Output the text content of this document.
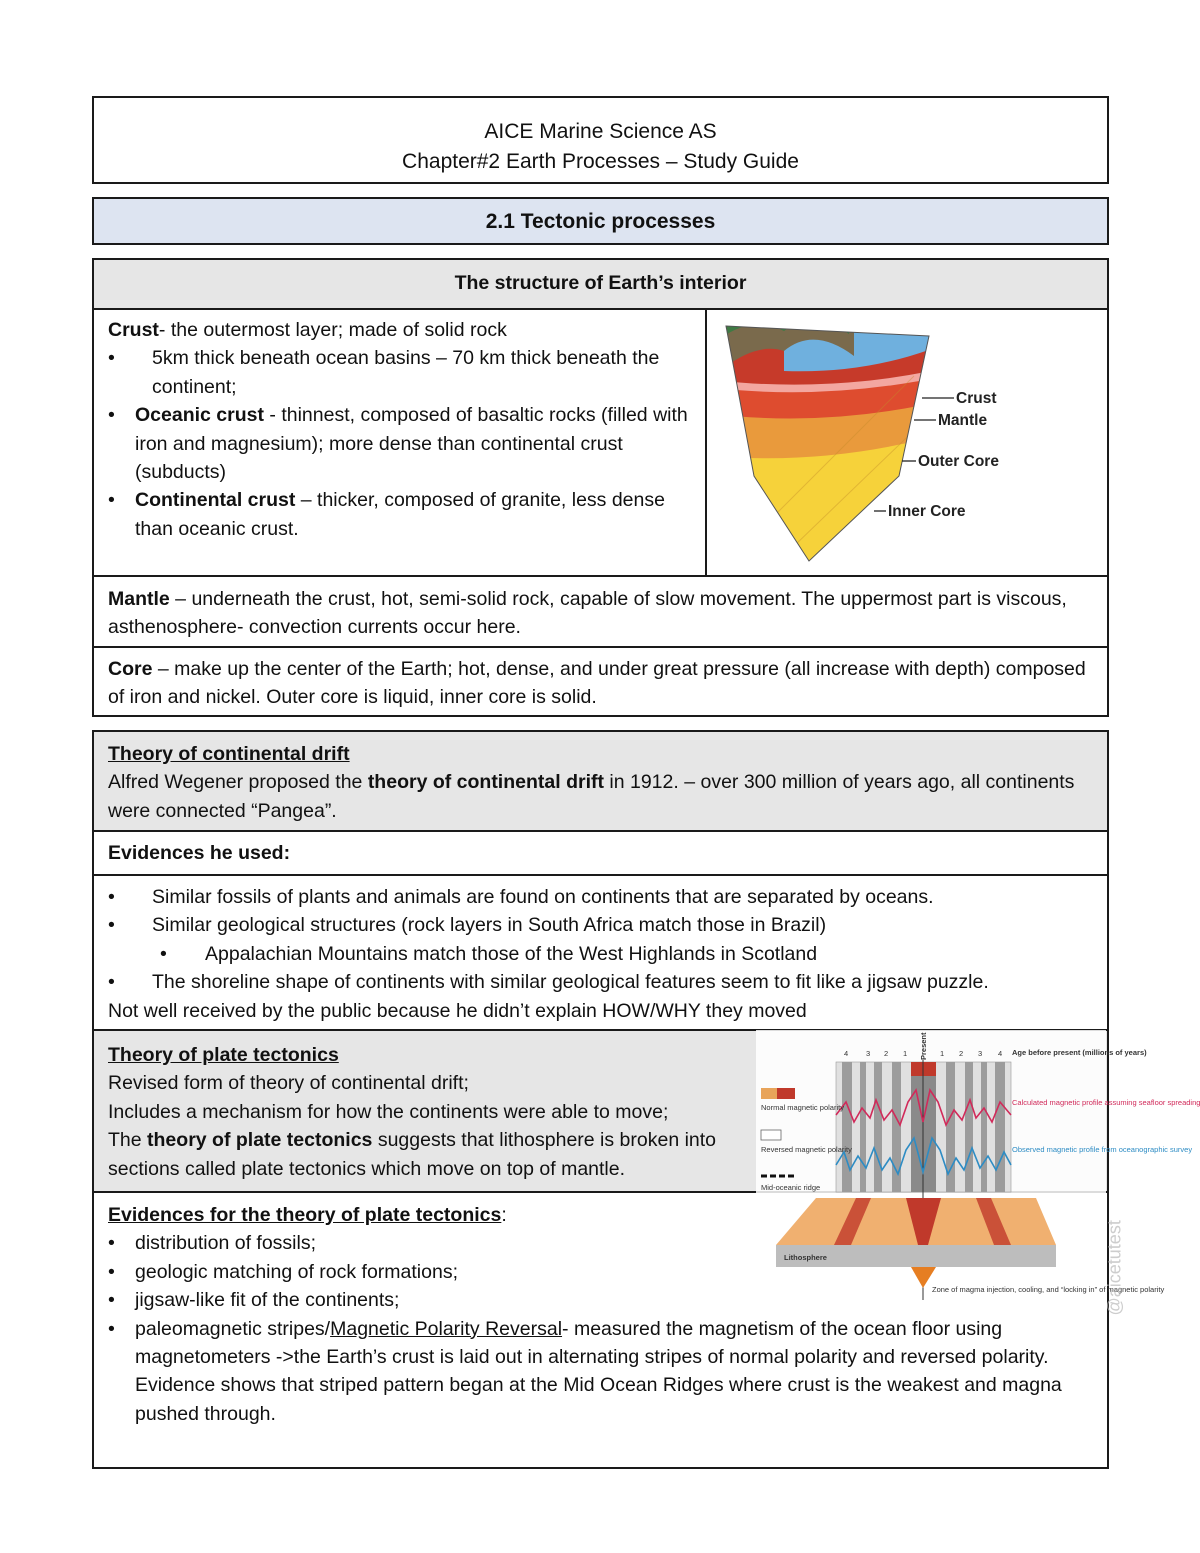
AICE Marine Science AS
Chapter#2 Earth Processes – Study Guide
2.1 Tectonic processes
The structure of Earth’s interior
Crust- the outermost layer; made of solid rock
• 5km thick beneath ocean basins – 70 km thick beneath the continent;
• Oceanic crust - thinnest, composed of basaltic rocks (filled with iron and magnesium); more dense than continental crust (subducts)
• Continental crust – thicker, composed of granite, less dense than oceanic crust.
Crust
Mantle
Outer Core
Inner Core
Mantle – underneath the crust, hot, semi-solid rock, capable of slow movement. The uppermost part is viscous, asthenosphere- convection currents occur here.
Core – make up the center of the Earth; hot, dense, and under great pressure (all increase with depth) composed of iron and nickel. Outer core is liquid, inner core is solid.
Theory of continental drift
Alfred Wegener proposed the theory of continental drift in 1912. – over 300 million of years ago, all continents were connected “Pangea”.
Evidences he used:
• Similar fossils of plants and animals are found on continents that are separated by oceans.
• Similar geological structures (rock layers in South Africa match those in Brazil)
• Appalachian Mountains match those of the West Highlands in Scotland
• The shoreline shape of continents with similar geological features seem to fit like a jigsaw puzzle.
Not well received by the public because he didn’t explain HOW/WHY they moved
Theory of plate tectonics
Revised form of theory of continental drift;
Includes a mechanism for how the continents were able to move;
The theory of plate tectonics suggests that lithosphere is broken into sections called plate tectonics which move on top of mantle.
Evidences for the theory of plate tectonics:
• distribution of fossils;
• geologic matching of rock formations;
• jigsaw-like fit of the continents;
• paleomagnetic stripes/Magnetic Polarity Reversal- measured the magnetism of the ocean floor using magnetometers ->the Earth’s crust is laid out in alternating stripes of normal polarity and reversed polarity. Evidence shows that striped pattern began at the Mid Ocean Ridges where crust is the weakest and magna pushed through.
4 3 2 1	1 2 3 4
Present	Age before present (millions of years)
Normal magnetic polarity
Reversed magnetic polarity
Mid-oceanic ridge
Calculated magnetic profile assuming seafloor spreading
Observed magnetic profile from oceanographic survey
Lithosphere
Zone of magma injection, cooling, and “locking in” of magnetic polarity
@aicetutest
